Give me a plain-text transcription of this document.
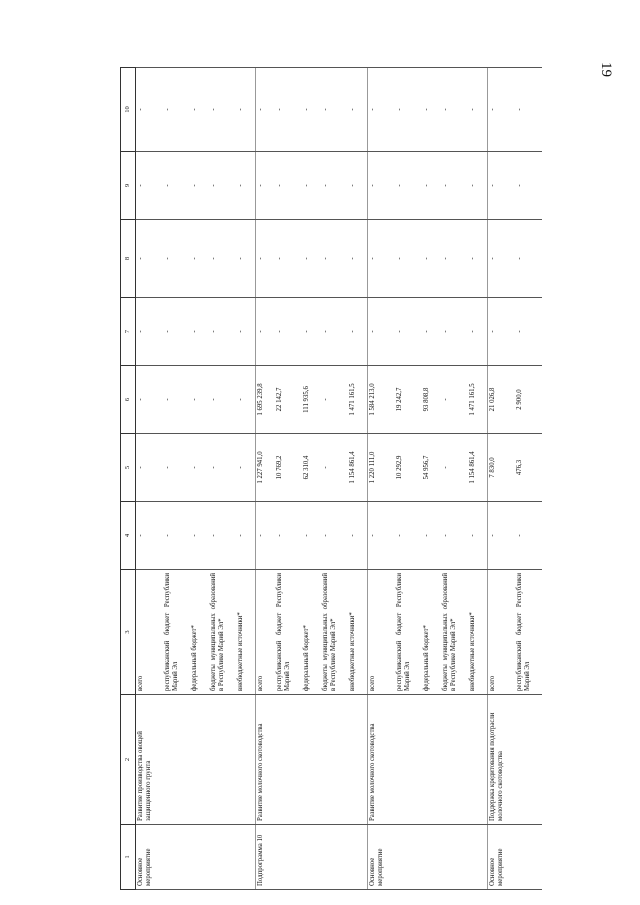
19
1	2	3	4	5	6	7	8	9	10
Основное мероприятие	Развитие производства овощей защищенного грунта	всего	-	-	-	-	-	-	-
		республиканский бюджет Республики Марий Эл	-	-	-	-	-	-	-
		федеральный бюджет*	-	-	-	-	-	-	-
		бюджеты муниципальных образований в Республике Марий Эл*	-	-	-	-	-	-	-
		внебюджетные источники*	-	-	-	-	-	-	-
Подпрограмма 10	Развитие молочного скотоводства	всего	-	1 227 941,0	1 695 239,8	-	-	-	-
		республиканский бюджет Республики Марий Эл	-	10 769,2	22 142,7	-	-	-	-
		федеральный бюджет*	-	62 310,4	111 935,6	-	-	-	-
		бюджеты муниципальных образований в Республике Марий Эл*	-	-	-	-	-	-	-
		внебюджетные источники*	-	1 154 861,4	1 471 161,5	-	-	-	-
Основное мероприятие	Развитие молочного скотоводства	всего	-	1 220 111,0	1 584 213,0	-	-	-	-
		республиканский бюджет Республики Марий Эл	-	10 292,9	19 242,7	-	-	-	-
		федеральный бюджет*	-	54 956,7	93 808,8	-	-	-	-
		бюджеты муниципальных образований в Республике Марий Эл*	-	-	-	-	-	-	-
		внебюджетные источники*	-	1 154 861,4	1 471 161,5	-	-	-	-
Основное мероприятие	Поддержка кредитования подотрасли молочного скотоводства	всего	-	7 830,0	21 026,8	-	-	-	-
		республиканский бюджет Республики Марий Эл	-	476,3	2 900,0	-	-	-	-
